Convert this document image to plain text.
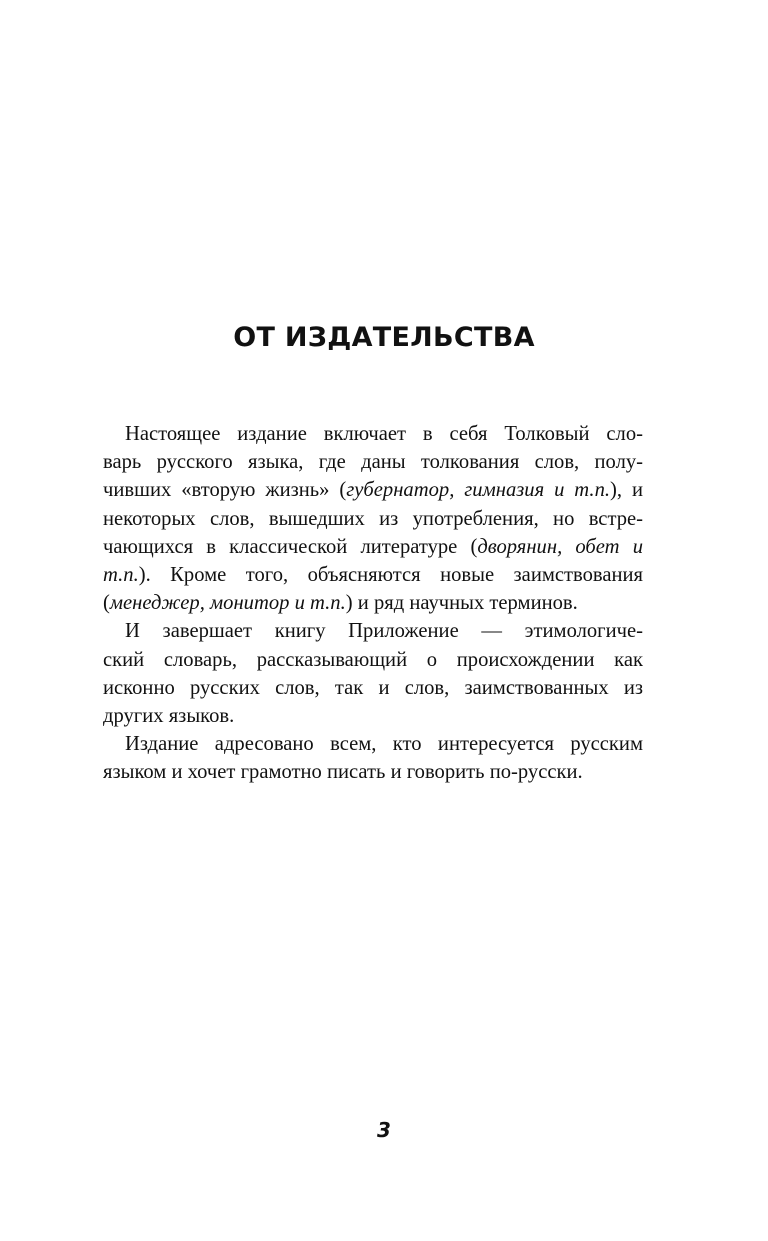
ОТ ИЗДАТЕЛЬСТВА
Настоящее издание включает в себя Толковый сло-
варь русского языка, где даны толкования слов, полу-
чивших «вторую жизнь» (губернатор, гимназия и т.п.), и
некоторых слов, вышедших из употребления, но встре-
чающихся в классической литературе (дворянин, обет и
т.п.). Кроме того, объясняются новые заимствования
(менеджер, монитор и т.п.) и ряд научных терминов.
И завершает книгу Приложение — этимологиче-
ский словарь, рассказывающий о происхождении как
исконно русских слов, так и слов, заимствованных из
других языков.
Издание адресовано всем, кто интересуется русским
языком и хочет грамотно писать и говорить по-русски.
3
